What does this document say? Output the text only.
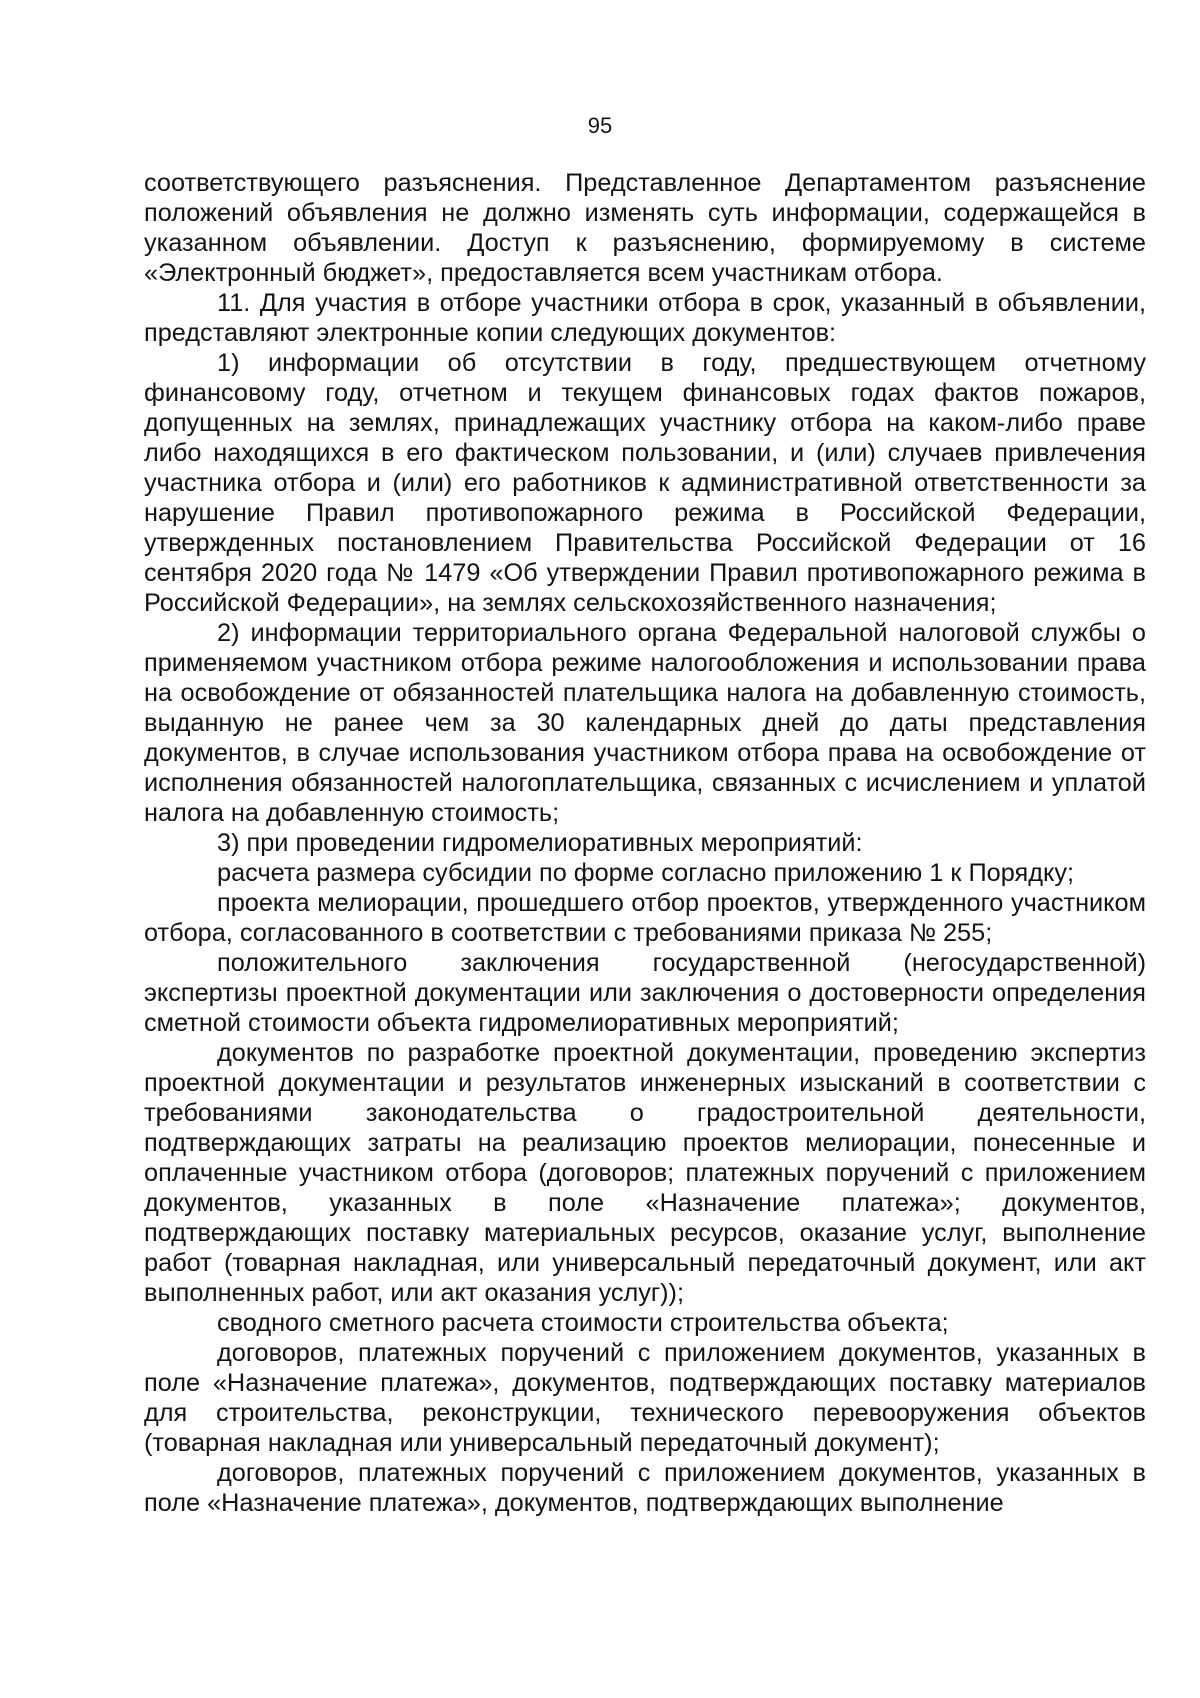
95

соответствующего разъяснения. Представленное Департаментом разъяснение положений объявления не должно изменять суть информации, содержащейся в указанном объявлении. Доступ к разъяснению, формируемому в системе «Электронный бюджет», предоставляется всем участникам отбора.

11. Для участия в отборе участники отбора в срок, указанный в объявлении, представляют электронные копии следующих документов:

1) информации об отсутствии в году, предшествующем отчетному финансовому году, отчетном и текущем финансовых годах фактов пожаров, допущенных на землях, принадлежащих участнику отбора на каком-либо праве либо находящихся в его фактическом пользовании, и (или) случаев привлечения участника отбора и (или) его работников к административной ответственности за нарушение Правил противопожарного режима в Российской Федерации, утвержденных постановлением Правительства Российской Федерации от 16 сентября 2020 года № 1479 «Об утверждении Правил противопожарного режима в Российской Федерации», на землях сельскохозяйственного назначения;

2) информации территориального органа Федеральной налоговой службы о применяемом участником отбора режиме налогообложения и использовании права на освобождение от обязанностей плательщика налога на добавленную стоимость, выданную не ранее чем за 30 календарных дней до даты представления документов, в случае использования участником отбора права на освобождение от исполнения обязанностей налогоплательщика, связанных с исчислением и уплатой налога на добавленную стоимость;

3) при проведении гидромелиоративных мероприятий:

расчета размера субсидии по форме согласно приложению 1 к Порядку;

проекта мелиорации, прошедшего отбор проектов, утвержденного участником отбора, согласованного в соответствии с требованиями приказа № 255;

положительного заключения государственной (негосударственной) экспертизы проектной документации или заключения о достоверности определения сметной стоимости объекта гидромелиоративных мероприятий;

документов по разработке проектной документации, проведению экспертиз проектной документации и результатов инженерных изысканий в соответствии с требованиями законодательства о градостроительной деятельности, подтверждающих затраты на реализацию проектов мелиорации, понесенные и оплаченные участником отбора (договоров; платежных поручений с приложением документов, указанных в поле «Назначение платежа»; документов, подтверждающих поставку материальных ресурсов, оказание услуг, выполнение работ (товарная накладная, или универсальный передаточный документ, или акт выполненных работ, или акт оказания услуг));

сводного сметного расчета стоимости строительства объекта;

договоров, платежных поручений с приложением документов, указанных в поле «Назначение платежа», документов, подтверждающих поставку материалов для строительства, реконструкции, технического перевооружения объектов (товарная накладная или универсальный передаточный документ);

договоров, платежных поручений с приложением документов, указанных в поле «Назначение платежа», документов, подтверждающих выполнение
